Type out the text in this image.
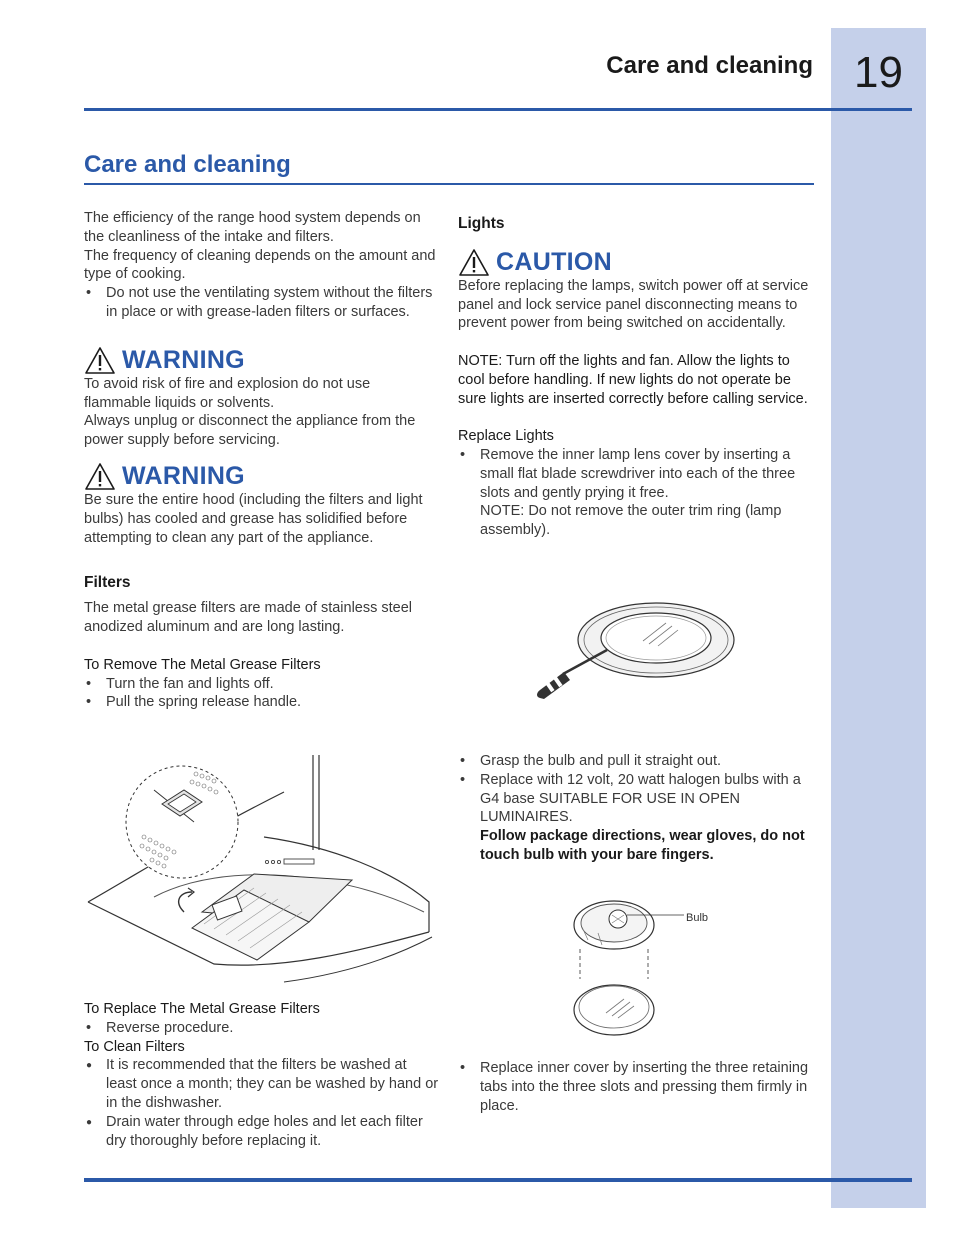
19
Care and cleaning
Care and cleaning

The efficiency of the range hood system depends on the cleanliness of the intake and filters.

The frequency of cleaning depends on the amount and type of cooking.

• Do not use the ventilating system without the filters in place or with grease-laden filters or surfaces.
WARNING

To avoid risk of fire and explosion do not use flammable liquids or solvents.

Always unplug or disconnect the appliance from the power supply before servicing.

WARNING

Be sure the entire hood (including the filters and light bulbs) has cooled and grease has solidified before attempting to clean any part of the appliance.

Filters

The metal grease filters are made of stainless steel anodized aluminum and are long lasting.

To Remove The Metal Grease Filters

• Turn the fan and lights off.
• Pull the spring release handle.

To Replace The Metal Grease Filters

• Reverse procedure.

To Clean Filters

● It is recommended that the filters be washed at least once a month; they can be washed by hand or in the dishwasher.
● Drain water through edge holes and let each filter dry thoroughly before replacing it.

Lights

CAUTION

Before replacing the lamps, switch power off at service panel and lock service panel disconnecting means to prevent power from being switched on accidentally.

NOTE: Turn off the lights and fan. Allow the lights to cool before handling. If new lights do not operate be sure lights are inserted correctly before calling service.

Replace Lights

• Remove the inner lamp lens cover by inserting a small flat blade screwdriver into each of the three slots and gently prying it free.
NOTE: Do not remove the outer trim ring (lamp assembly).
• Grasp the bulb and pull it straight out.
• Replace with 12 volt, 20 watt halogen bulbs with a G4 base SUITABLE FOR USE IN OPEN LUMINAIRES.
Follow package directions, wear gloves, do not touch bulb with your bare fingers.
Bulb
• Replace inner cover by inserting the three retaining tabs into the three slots and pressing them firmly in place.
